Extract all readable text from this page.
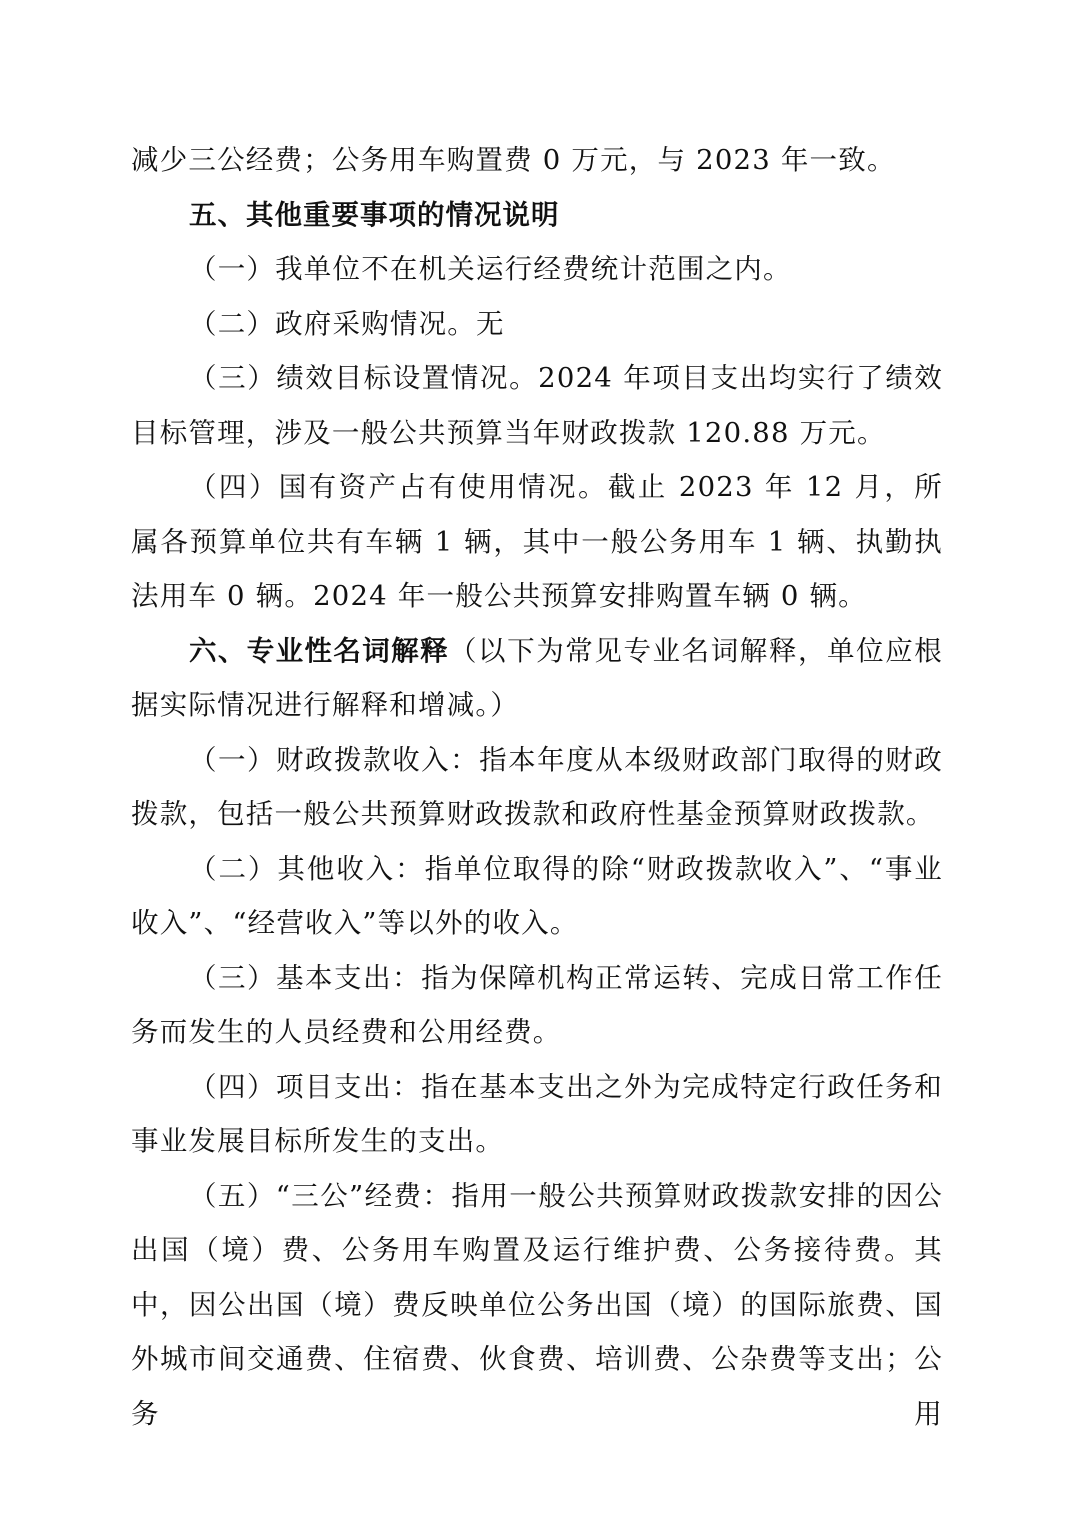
减少三公经费；公务用车购置费 0 万元，与 2023 年一致。

五、其他重要事项的情况说明

（一）我单位不在机关运行经费统计范围之内。

（二）政府采购情况。无

（三）绩效目标设置情况。2024 年项目支出均实行了绩效目标管理，涉及一般公共预算当年财政拨款 120.88 万元。

（四）国有资产占有使用情况。截止 2023 年 12 月，所属各预算单位共有车辆 1 辆，其中一般公务用车 1 辆、执勤执法用车 0 辆。2024 年一般公共预算安排购置车辆 0 辆。

六、专业性名词解释（以下为常见专业名词解释，单位应根据实际情况进行解释和增减。）

（一）财政拨款收入：指本年度从本级财政部门取得的财政拨款，包括一般公共预算财政拨款和政府性基金预算财政拨款。

（二）其他收入：指单位取得的除“财政拨款收入”、“事业收入”、“经营收入”等以外的收入。

（三）基本支出：指为保障机构正常运转、完成日常工作任务而发生的人员经费和公用经费。

（四）项目支出：指在基本支出之外为完成特定行政任务和事业发展目标所发生的支出。

（五）“三公”经费：指用一般公共预算财政拨款安排的因公出国（境）费、公务用车购置及运行维护费、公务接待费。其中，因公出国（境）费反映单位公务出国（境）的国际旅费、国外城市间交通费、住宿费、伙食费、培训费、公杂费等支出；公务用
